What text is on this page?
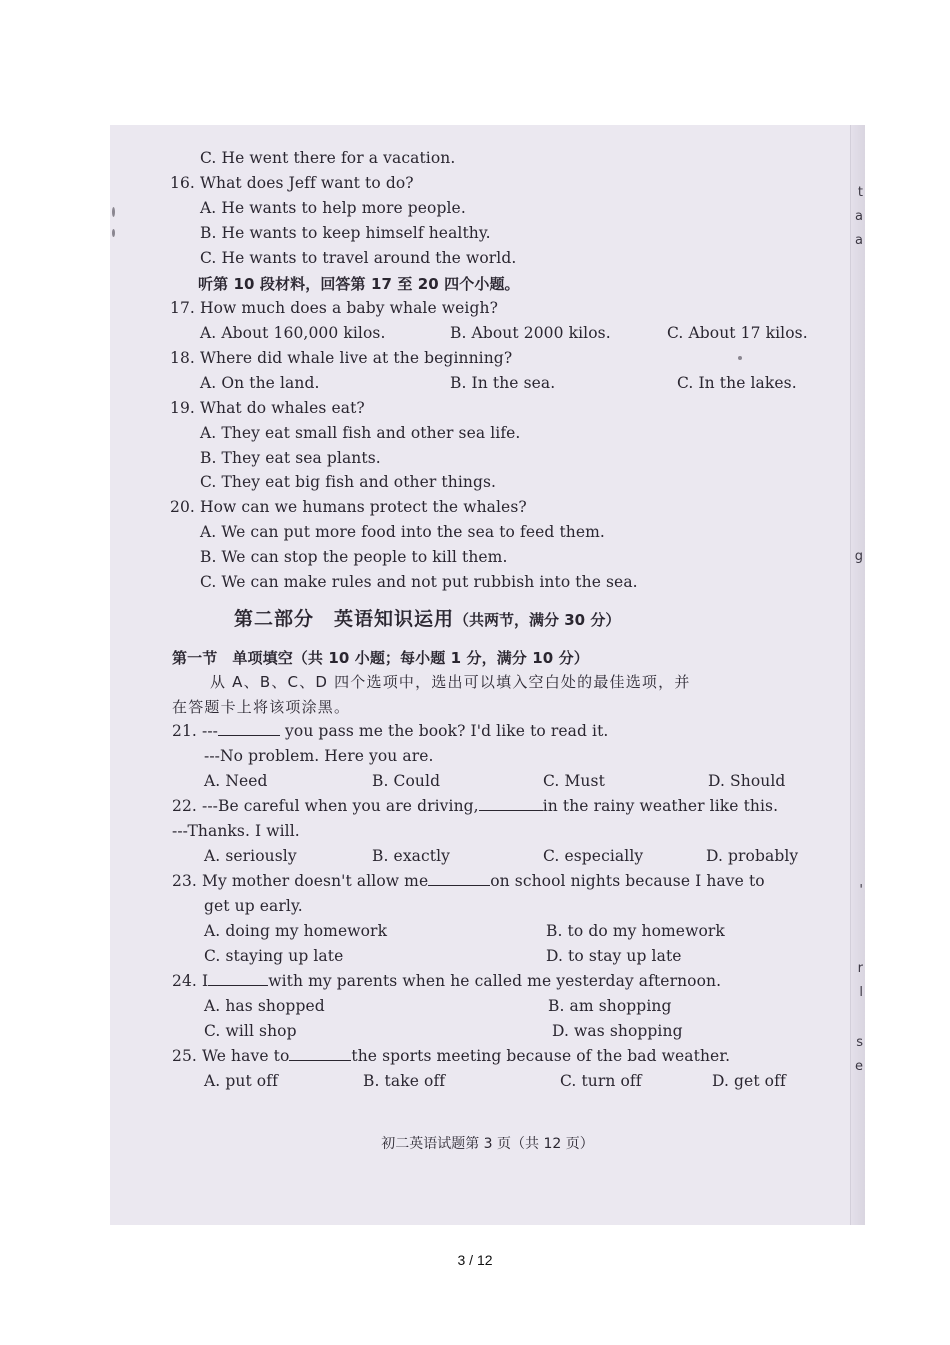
t
a
a
g
'
r
l
s
e
C. He went there for a vacation.
16. What does Jeff want to do?
A. He wants to help more people.
B. He wants to keep himself healthy.
C. He wants to travel around the world.
听第 10 段材料，回答第 17 至 20 四个小题。
17. How much does a baby whale weigh?
A. About 160,000 kilos.	B. About 2000 kilos.	C. About 17 kilos.
18. Where did whale live at the beginning?
A. On the land.	B. In the sea.	C. In the lakes.
19. What do whales eat?
A. They eat small fish and other sea life.
B. They eat sea plants.
C. They eat big fish and other things.
20. How can we humans protect the whales?
A. We can put more food into the sea to feed them.
B. We can stop the people to kill them.
C. We can make rules and not put rubbish into the sea.
第二部分　英语知识运用（共两节，满分 30 分）
第一节　单项填空（共 10 小题；每小题 1 分，满分 10 分）
从 A、B、C、D 四个选项中，选出可以填入空白处的最佳选项，并
在答题卡上将该项涂黑。
21. ---	you pass me the book? I'd like to read it.
---No problem. Here you are.
A. Need	B. Could	C. Must	D. Should
22. ---Be careful when you are driving,	in the rainy weather like this.
---Thanks. I will.
A. seriously	B. exactly	C. especially	D. probably
23. My mother doesn't allow me	on school nights because I have to
get up early.
A. doing my homework	B. to do my homework
C. staying up late	D. to stay up late
24. I	with my parents when he called me yesterday afternoon.
A. has shopped	B. am shopping
C. will shop	D. was shopping
25. We have to	the sports meeting because of the bad weather.
A. put off	B. take off	C. turn off	D. get off
初二英语试题第 3 页（共 12 页）
3 / 12
